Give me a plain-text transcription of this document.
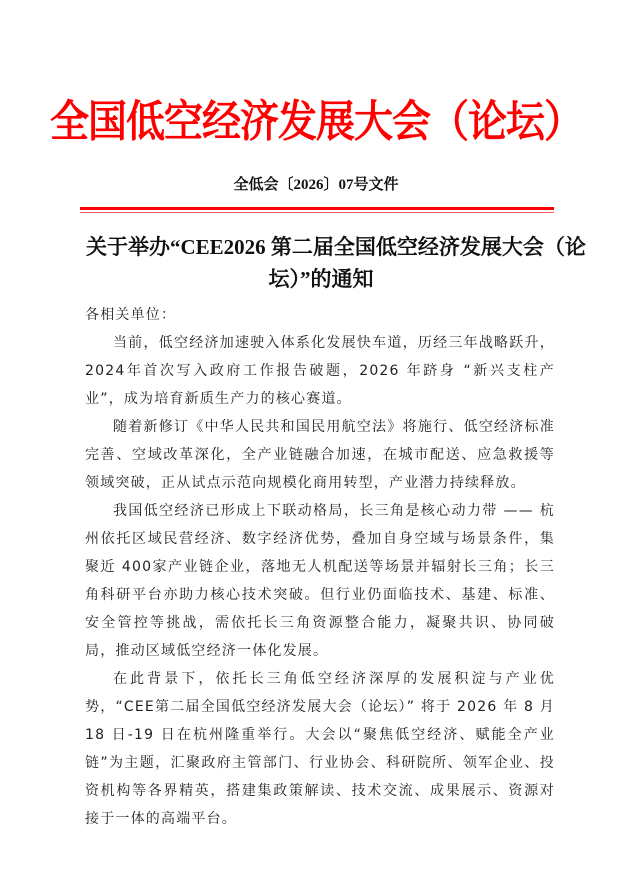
全国低空经济发展大会（论坛）
全低会〔2026〕07号文件
关于举办“CEE2026 第二届全国低空经济发展大会（论
坛）”的通知
各相关单位：

当前，低空经济加速驶入体系化发展快车道，历经三年战略跃升，2024年首次写入政府工作报告破题，2026 年跻身 “新兴支柱产业”，成为培育新质生产力的核心赛道。

随着新修订《中华人民共和国民用航空法》将施行、低空经济标准完善、空域改革深化，全产业链融合加速，在城市配送、应急救援等领域突破，正从试点示范向规模化商用转型，产业潜力持续释放。

我国低空经济已形成上下联动格局，长三角是核心动力带 —— 杭州依托区域民营经济、数字经济优势，叠加自身空域与场景条件，集聚近 400家产业链企业，落地无人机配送等场景并辐射长三角；长三角科研平台亦助力核心技术突破。但行业仍面临技术、基建、标准、安全管控等挑战，需依托长三角资源整合能力，凝聚共识、协同破局，推动区域低空经济一体化发展。

在此背景下，依托长三角低空经济深厚的发展积淀与产业优势，“CEE第二届全国低空经济发展大会（论坛）” 将于 2026 年 8 月 18 日-19 日在杭州隆重举行。大会以“聚焦低空经济、赋能全产业链”为主题，汇聚政府主管部门、行业协会、科研院所、领军企业、投资机构等各界精英，搭建集政策解读、技术交流、成果展示、资源对接于一体的高端平台。
